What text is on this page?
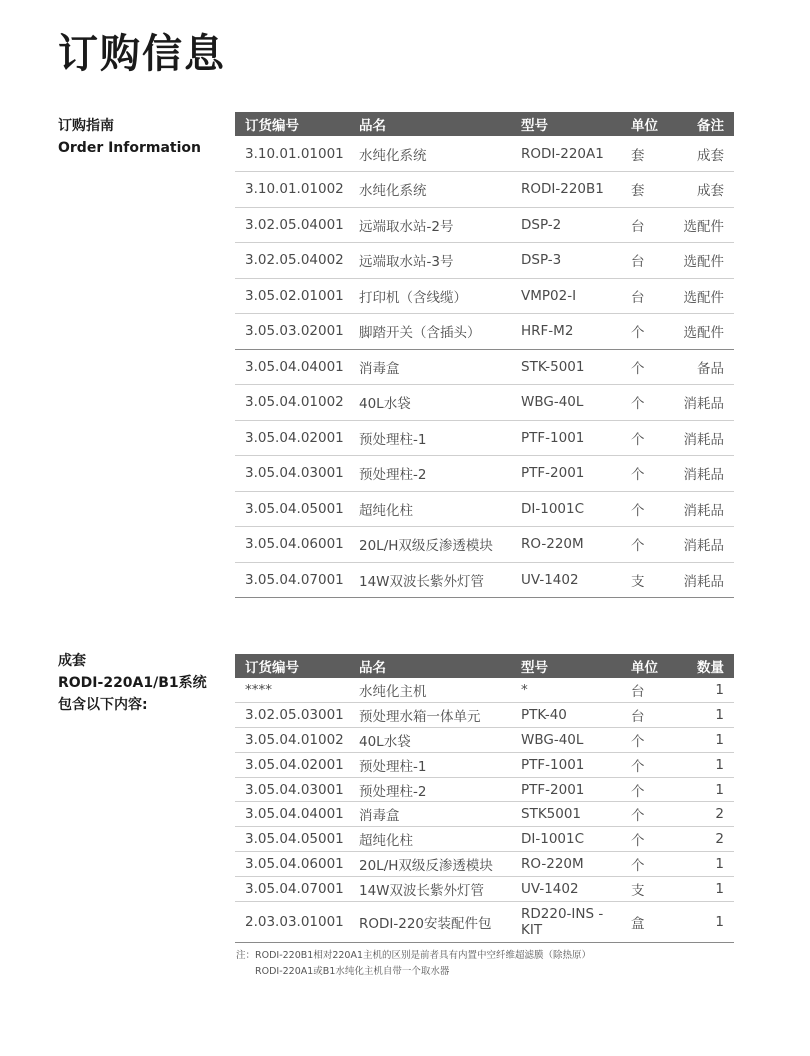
订购信息
订购指南
Order Information
订货编号	品名	型号	单位	备注
3.10.01.01001	水纯化系统	RODI-220A1	套	成套
3.10.01.01002	水纯化系统	RODI-220B1	套	成套
3.02.05.04001	远端取水站-2号	DSP-2	台	选配件
3.02.05.04002	远端取水站-3号	DSP-3	台	选配件
3.05.02.01001	打印机（含线缆）	VMP02-I	台	选配件
3.05.03.02001	脚踏开关（含插头）	HRF-M2	个	选配件
3.05.04.04001	消毒盒	STK-5001	个	备品
3.05.04.01002	40L水袋	WBG-40L	个	消耗品
3.05.04.02001	预处理柱-1	PTF-1001	个	消耗品
3.05.04.03001	预处理柱-2	PTF-2001	个	消耗品
3.05.04.05001	超纯化柱	DI-1001C	个	消耗品
3.05.04.06001	20L/H双级反渗透模块	RO-220M	个	消耗品
3.05.04.07001	14W双波长紫外灯管	UV-1402	支	消耗品
成套
RODI-220A1/B1系统
包含以下内容:
订货编号	品名	型号	单位	数量
****	水纯化主机	*	台	1
3.02.05.03001	预处理水箱一体单元	PTK-40	台	1
3.05.04.01002	40L水袋	WBG-40L	个	1
3.05.04.02001	预处理柱-1	PTF-1001	个	1
3.05.04.03001	预处理柱-2	PTF-2001	个	1
3.05.04.04001	消毒盒	STK5001	个	2
3.05.04.05001	超纯化柱	DI-1001C	个	2
3.05.04.06001	20L/H双级反渗透模块	RO-220M	个	1
3.05.04.07001	14W双波长紫外灯管	UV-1402	支	1
2.03.03.01001	RODI-220安装配件包	RD220-INS -KIT	盒	1
注：RODI-220B1相对220A1主机的区别是前者具有内置中空纤维超滤膜（除热原）
RODI-220A1或B1水纯化主机自带一个取水器
